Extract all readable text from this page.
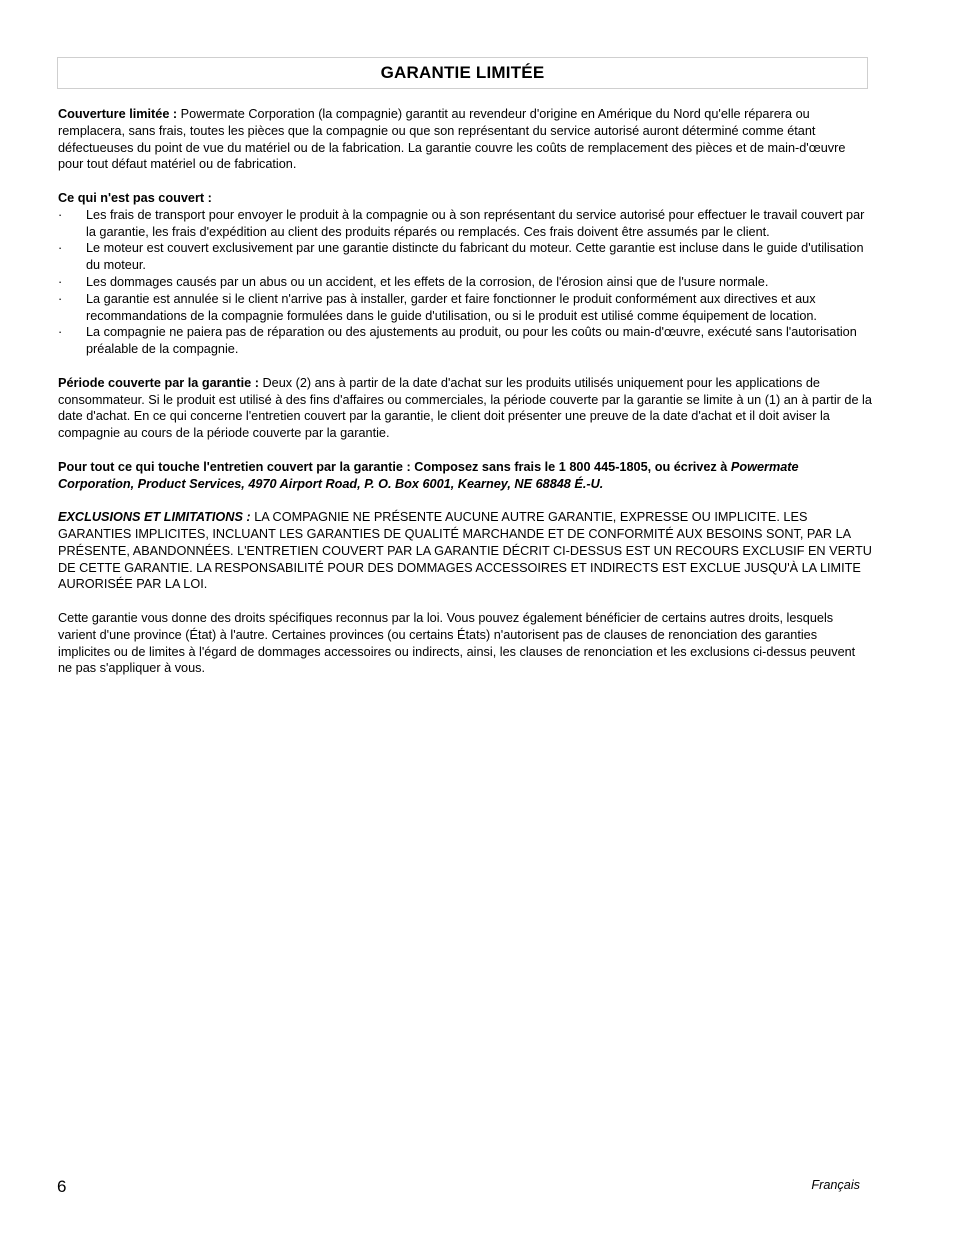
GARANTIE LIMITÉE

Couverture limitée : Powermate Corporation (la compagnie) garantit au revendeur d'origine en Amérique du Nord qu'elle réparera ou remplacera, sans frais, toutes les pièces que la compagnie ou que son représentant du service autorisé auront déterminé comme étant défectueuses du point de vue du matériel ou de la fabrication. La garantie couvre les coûts de remplacement des pièces et de main-d'œuvre pour tout défaut matériel ou de fabrication.

Ce qui n'est pas couvert :

·	Les frais de transport pour envoyer le produit à la compagnie ou à son représentant du service autorisé pour effectuer le travail couvert par la garantie, les frais d'expédition au client des produits réparés ou remplacés. Ces frais doivent être assumés par le client.
·	Le moteur est couvert exclusivement par une garantie distincte du fabricant du moteur. Cette garantie est incluse dans le guide d'utilisation du moteur.
·	Les dommages causés par un abus ou un accident, et les effets de la corrosion, de l'érosion ainsi que de l'usure normale.
·	La garantie est annulée si le client n'arrive pas à installer, garder et faire fonctionner le produit conformément aux directives et aux recommandations de la compagnie formulées dans le guide d'utilisation, ou si le produit est utilisé comme équipement de location.
·	La compagnie ne paiera pas de réparation ou des ajustements au produit, ou pour les coûts ou main-d'œuvre, exécuté sans l'autorisation préalable de la compagnie.

Période couverte par la garantie : Deux (2) ans à partir de la date d'achat sur les produits utilisés uniquement pour les applications de consommateur. Si le produit est utilisé à des fins d'affaires ou commerciales, la période couverte par la garantie se limite à un (1) an à partir de la date d'achat. En ce qui concerne l'entretien couvert par la garantie, le client doit présenter une preuve de la date d'achat et il doit aviser la compagnie au cours de la période couverte par la garantie.

Pour tout ce qui touche l'entretien couvert par la garantie : Composez sans frais le 1 800 445-1805, ou écrivez à Powermate Corporation, Product Services, 4970 Airport Road, P. O. Box 6001, Kearney, NE 68848 É.-U.

EXCLUSIONS ET LIMITATIONS : LA COMPAGNIE NE PRÉSENTE AUCUNE AUTRE GARANTIE, EXPRESSE OU IMPLICITE. LES GARANTIES IMPLICITES, INCLUANT LES GARANTIES DE QUALITÉ MARCHANDE ET DE CONFORMITÉ AUX BESOINS SONT, PAR LA PRÉSENTE, ABANDONNÉES. L'ENTRETIEN COUVERT PAR LA GARANTIE DÉCRIT CI-DESSUS EST UN RECOURS EXCLUSIF EN VERTU DE CETTE GARANTIE. LA RESPONSABILITÉ POUR DES DOMMAGES ACCESSOIRES ET INDIRECTS EST EXCLUE JUSQU'À LA LIMITE AURORISÉE PAR LA LOI.

Cette garantie vous donne des droits spécifiques reconnus par la loi. Vous pouvez également bénéficier de certains autres droits, lesquels varient d'une province (État) à l'autre. Certaines provinces (ou certains États) n'autorisent pas de clauses de renonciation des garanties implicites ou de limites à l'égard de dommages accessoires ou indirects, ainsi, les clauses de renonciation et les exclusions ci-dessus peuvent ne pas s'appliquer à vous.

6	Français
